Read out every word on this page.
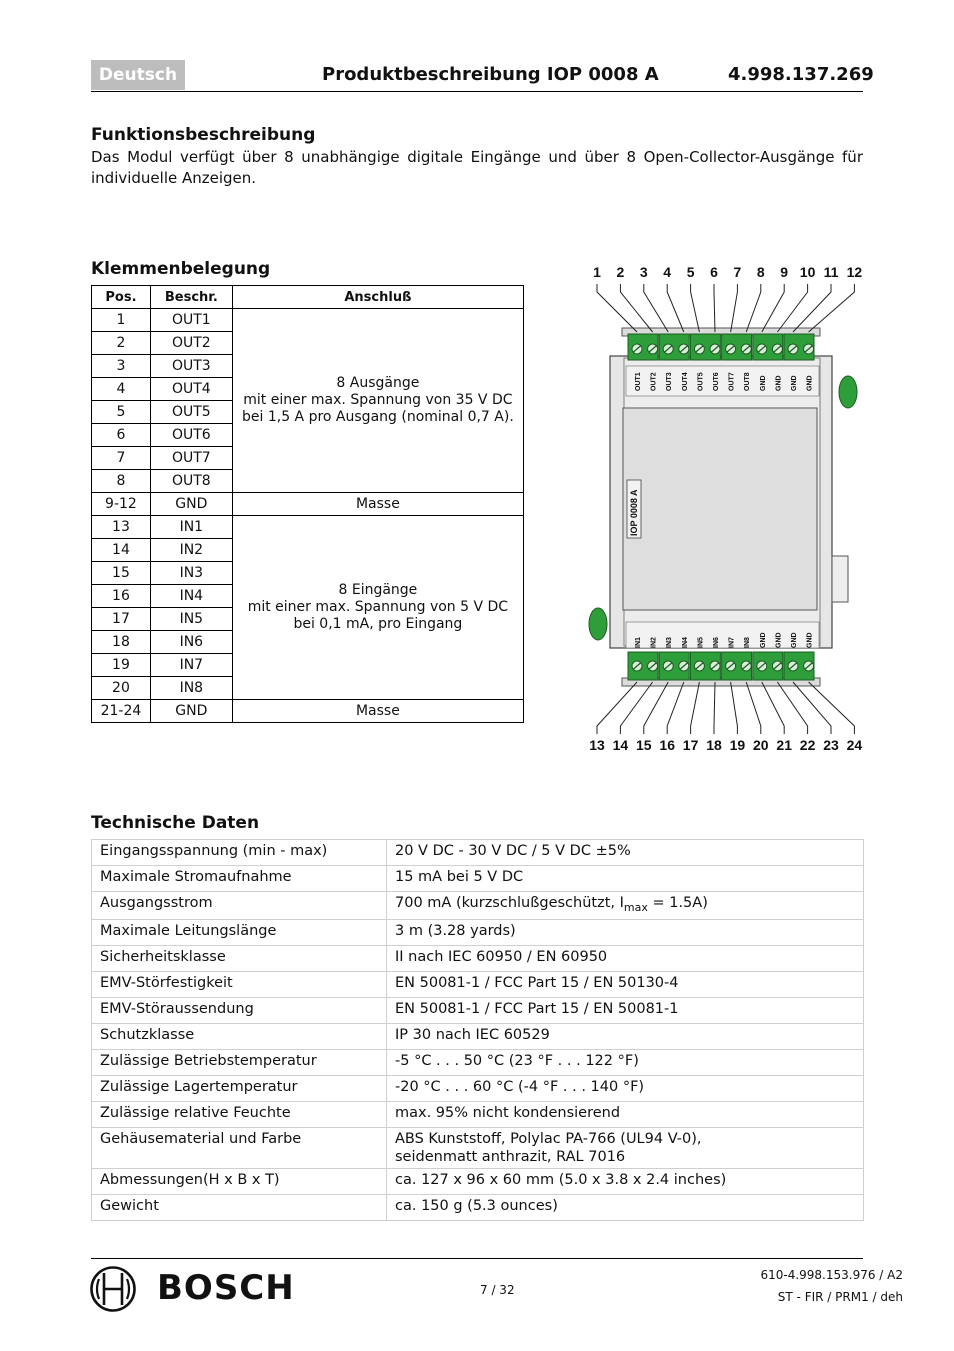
Deutsch	Produktbeschreibung IOP 0008 A	4.998.137.269
Funktionsbeschreibung
Das Modul verfügt über 8 unabhängige digitale Eingänge und über 8 Open-Collector-Ausgänge für individuelle Anzeigen.
Klemmenbelegung
Pos.	Beschr.	Anschluß
1	OUT1	8 Ausgänge
mit einer max. Spannung von 35 V DC bei 1,5 A pro Ausgang (nominal 0,7 A).

2	OUT2	
3	OUT3	
4	OUT4	
5	OUT5	
6	OUT6	
7	OUT7	
8	OUT8	
9-12	GND	Masse
13	IN1	8 Eingänge
mit einer max. Spannung von 5 V DC bei 0,1 mA, pro Eingang

14	IN2	
15	IN3	
16	IN4	
17	IN5	
18	IN6	
19	IN7	
20	IN8	
21-24	GND	Masse
IOP 0008 A
1 2 3 4 5 6 7 8 9 10 11 12
13 14 15 16 17 18 19 20 21 22 23 24
OUT1 OUT2 OUT3 OUT4 OUT5 OUT6 OUT7 OUT8 GND GND GND GND
IN1 IN2 IN3 IN4 IN5 IN6 IN7 IN8 GND GND GND GND
Technische Daten
Eingangsspannung (min - max)	20 V DC - 30 V DC / 5 V DC ±5%
Maximale Stromaufnahme	15 mA bei 5 V DC
Ausgangsstrom	700 mA (kurzschlußgeschützt, $I_{max} = 1.5A$)
Maximale Leitungslänge	3 m (3.28 yards)
Sicherheitsklasse	II nach IEC 60950 / EN 60950
EMV-Störfestigkeit	EN 50081-1 / FCC Part 15 / EN 50130-4
EMV-Störaussendung	EN 50081-1 / FCC Part 15 / EN 50081-1
Schutzklasse	IP 30 nach IEC 60529
Zulässige Betriebstemperatur	-5 °C . . . 50 °C (23 °F . . . 122 °F)
Zulässige Lagertemperatur	-20 °C . . . 60 °C (-4 °F . . . 140 °F)
Zulässige relative Feuchte	max. 95% nicht kondensierend
Gehäusematerial und Farbe	ABS Kunststoff, Polylac PA-766 (UL94 V-0),
seidenmatt anthrazit, RAL 7016

Abmessungen(H x B x T)	ca. 127 x 96 x 60 mm (5.0 x 3.8 x 2.4 inches)
Gewicht	ca. 150 g (5.3 ounces)
BOSCH	7 / 32
610-4.998.153.976 / A2
ST - FIR / PRM1 / deh
